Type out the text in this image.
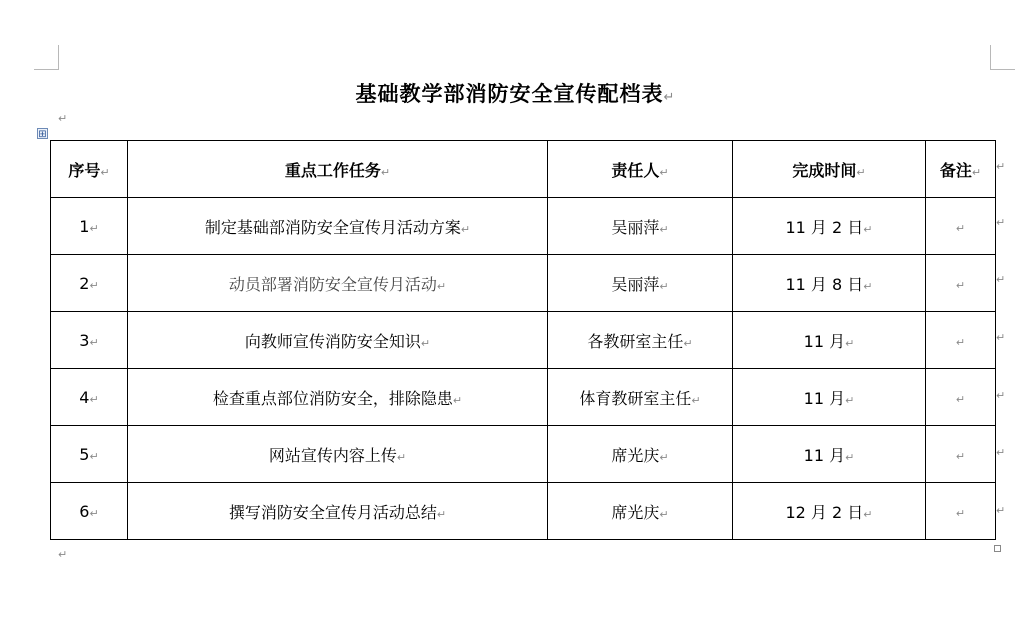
基础教学部消防安全宣传配档表↵
⊞
↵
序号↵	重点工作任务↵	责任人↵	完成时间↵	备注↵
1↵	制定基础部消防安全宣传月活动方案↵	吴丽萍↵	11 月 2 日↵	↵
2↵	动员部署消防安全宣传月活动↵	吴丽萍↵	11 月 8 日↵	↵
3↵	向教师宣传消防安全知识↵	各教研室主任↵	11 月↵	↵
4↵	检查重点部位消防安全，排除隐患↵	体育教研室主任↵	11 月↵	↵
5↵	网站宣传内容上传↵	席光庆↵	11 月↵	↵
6↵	撰写消防安全宣传月活动总结↵	席光庆↵	12 月 2 日↵	↵
↵
↵
↵
↵
↵
↵
↵
↵
